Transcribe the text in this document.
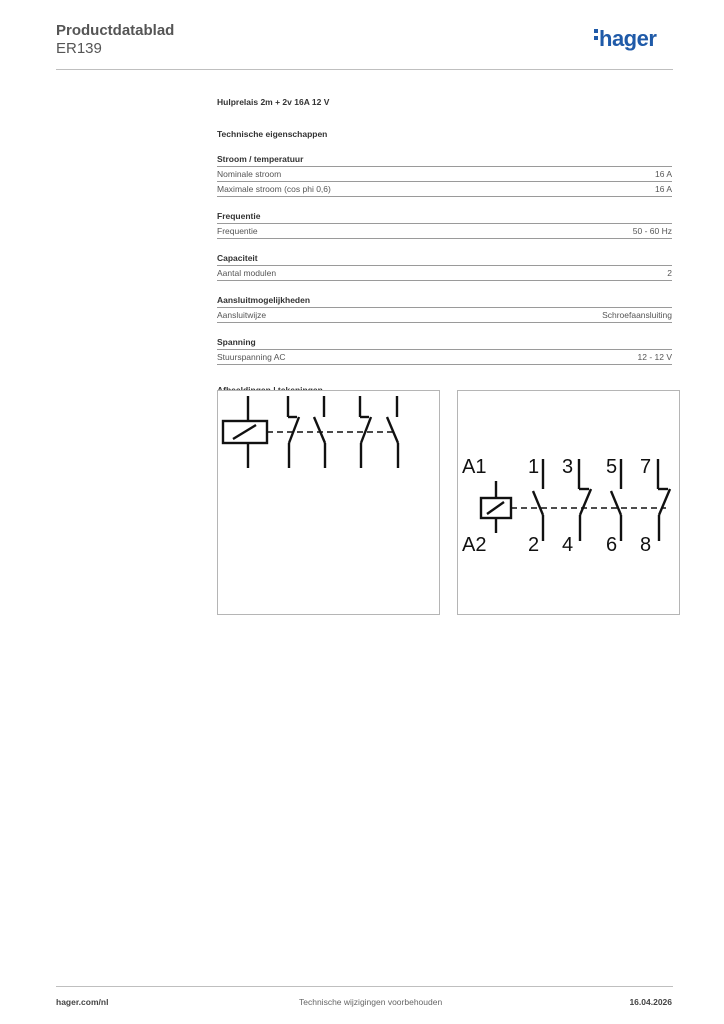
Productdatablad
ER139	hager
Hulprelais 2m + 2v 16A 12 V
Technische eigenschappen
Stroom / temperatuur
Nominale stroom	16 A
Maximale stroom (cos phi 0,6)	16 A
Frequentie
Frequentie	50 - 60 Hz
Capaciteit
Aantal modulen	2
Aansluitmogelijkheden
Aansluitwijze	Schroefaansluiting
Spanning
Stuurspanning AC	12 - 12 V
A1
A2
1
2
3
4
5
6
7
8
hager.com/nl	Technische wijzigingen voorbehouden	16.04.2026
